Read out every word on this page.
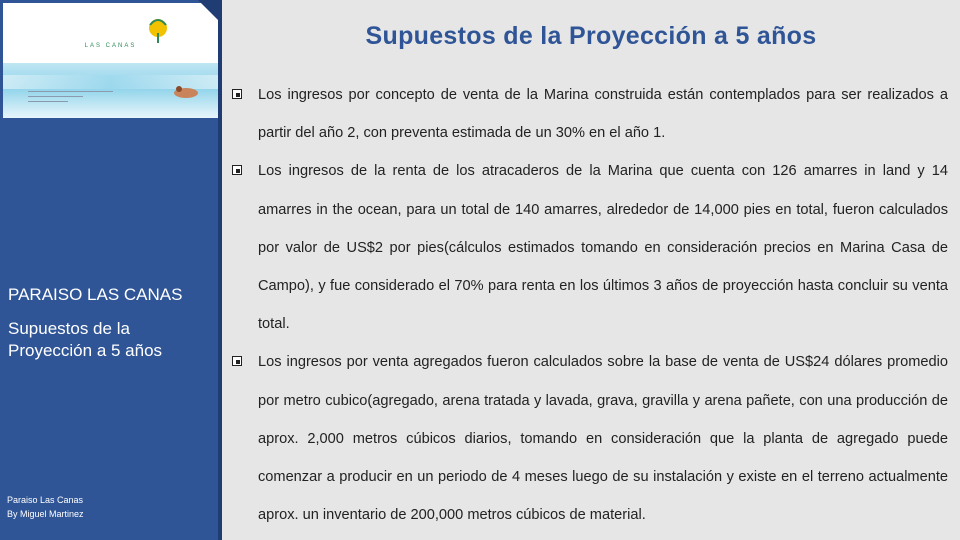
LAS CANAS
PARAISO LAS CANAS
Supuestos de la Proyección a 5 años
Paraiso Las Canas
By Miguel Martinez
Supuestos de la Proyección a 5 años
Los ingresos por concepto de venta de la Marina construida están contemplados para ser realizados a partir del año 2, con preventa estimada de un 30% en el año 1.
Los ingresos de la renta de los atracaderos de la Marina que cuenta con 126 amarres in land y 14 amarres in the ocean, para un total de 140 amarres, alrededor de 14,000 pies en total, fueron calculados por valor de US$2 por pies(cálculos estimados tomando en consideración precios en Marina Casa de Campo), y fue considerado el 70% para renta en los últimos 3 años de proyección hasta concluir su venta total.
Los ingresos por venta agregados fueron calculados sobre la base de venta de US$24 dólares promedio por metro cubico(agregado, arena tratada y lavada, grava, gravilla y arena pañete, con una producción de aprox. 2,000 metros cúbicos diarios, tomando en consideración que la planta de agregado puede comenzar a producir en un periodo de 4 meses luego de su instalación y existe en el terreno actualmente aprox. un inventario de 200,000 metros cúbicos de material.
